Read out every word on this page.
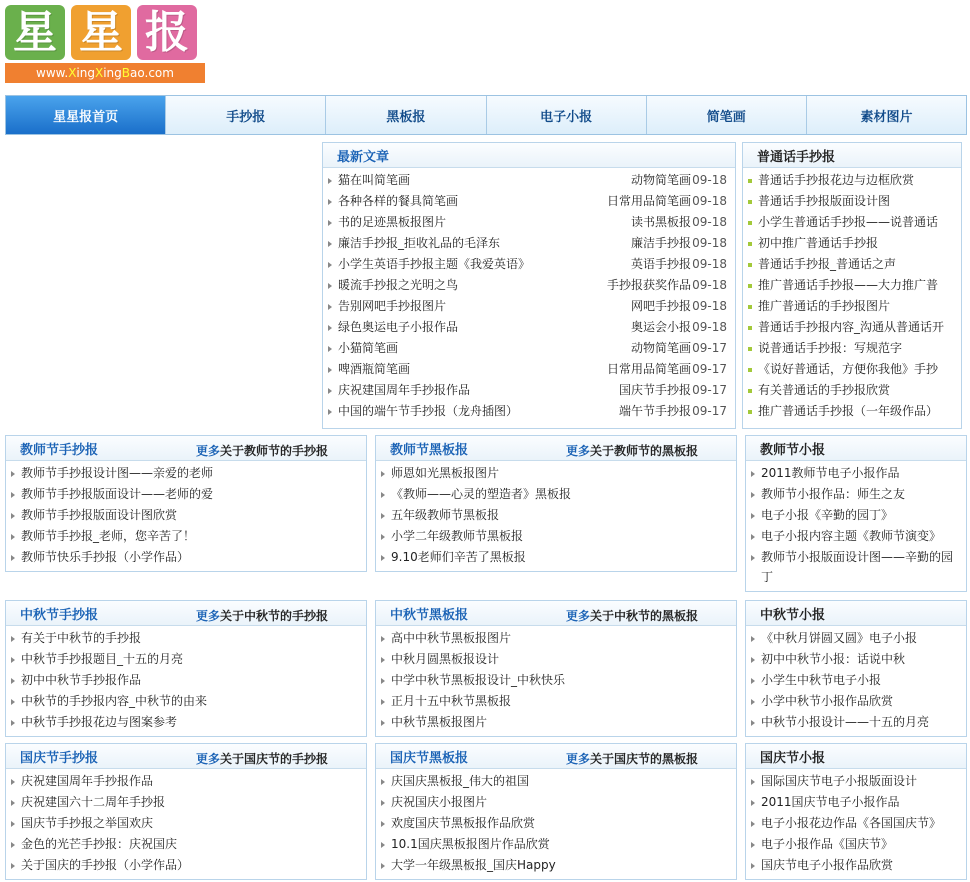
星 星 报
www. X ing X ing B ao.com
星星报首页	手抄报	黑板报	电子小报	简笔画	素材图片
最新文章
猫在叫简笔画	动物简笔画 09-18
各种各样的餐具简笔画	日常用品简笔画 09-18
书的足迹黑板报图片	读书黑板报 09-18
廉洁手抄报_拒收礼品的毛泽东	廉洁手抄报 09-18
小学生英语手抄报主题《我爱英语》	英语手抄报 09-18
暖流手抄报之光明之鸟	手抄报获奖作品 09-18
告别网吧手抄报图片	网吧手抄报 09-18
绿色奥运电子小报作品	奥运会小报 09-18
小猫简笔画	动物简笔画 09-17
啤酒瓶简笔画	日常用品简笔画 09-17
庆祝建国周年手抄报作品	国庆节手抄报 09-17
中国的端午节手抄报（龙舟插图）	端午节手抄报 09-17
普通话手抄报
普通话手抄报花边与边框欣赏
普通话手抄报版面设计图
小学生普通话手抄报——说普通话
初中推广普通话手抄报
普通话手抄报_普通话之声
推广普通话手抄报——大力推广普
推广普通话的手抄报图片
普通话手抄报内容_沟通从普通话开
说普通话手抄报：写规范字
《说好普通话，方便你我他》手抄
有关普通话的手抄报欣赏
推广普通话手抄报（一年级作品）
教师节手抄报	更多关于教师节的手抄报
教师节手抄报设计图——亲爱的老师
教师节手抄报版面设计——老师的爱
教师节手抄报版面设计图欣赏
教师节手抄报_老师，您辛苦了！
教师节快乐手抄报（小学作品）
教师节黑板报	更多关于教师节的黑板报
师恩如光黑板报图片
《教师——心灵的塑造者》黑板报
五年级教师节黑板报
小学二年级教师节黑板报
9.10老师们辛苦了黑板报
教师节小报
2011教师节电子小报作品
教师节小报作品：师生之友
电子小报《辛勤的园丁》
电子小报内容主题《教师节演变》
教师节小报版面设计图——辛勤的园丁
中秋节手抄报	更多关于中秋节的手抄报
有关于中秋节的手抄报
中秋节手抄报题目_十五的月亮
初中中秋节手抄报作品
中秋节的手抄报内容_中秋节的由来
中秋节手抄报花边与图案参考
中秋节黑板报	更多关于中秋节的黑板报
高中中秋节黑板报图片
中秋月圆黑板报设计
中学中秋节黑板报设计_中秋快乐
正月十五中秋节黑板报
中秋节黑板报图片
中秋节小报
《中秋月饼圆又圆》电子小报
初中中秋节小报：话说中秋
小学生中秋节电子小报
小学中秋节小报作品欣赏
中秋节小报设计——十五的月亮
国庆节手抄报	更多关于国庆节的手抄报
庆祝建国周年手抄报作品
庆祝建国六十二周年手抄报
国庆节手抄报之举国欢庆
金色的光芒手抄报：庆祝国庆
关于国庆的手抄报（小学作品）
国庆节黑板报	更多关于国庆节的黑板报
庆国庆黑板报_伟大的祖国
庆祝国庆小报图片
欢度国庆节黑板报作品欣赏
10.1国庆黑板报图片作品欣赏
大学一年级黑板报_国庆Happy
国庆节小报
国际国庆节电子小报版面设计
2011国庆节电子小报作品
电子小报花边作品《各国国庆节》
电子小报作品《国庆节》
国庆节电子小报作品欣赏
